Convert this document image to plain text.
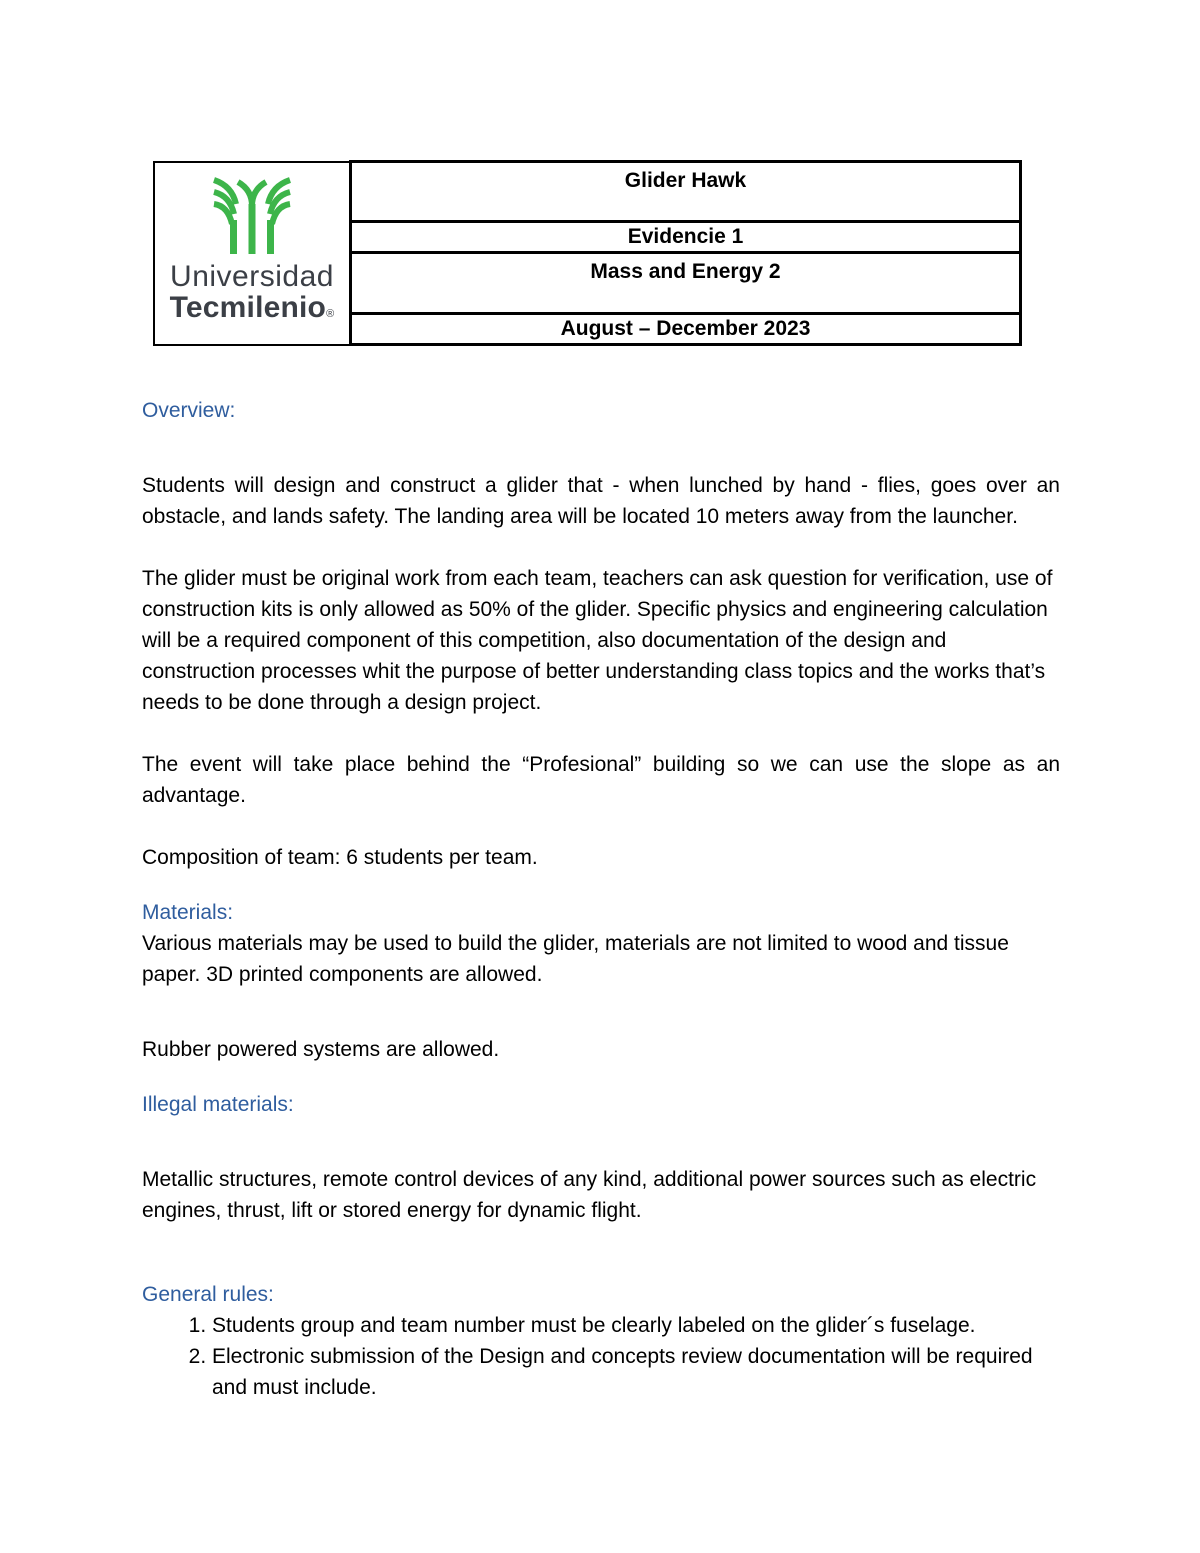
Universidad
Tecmilenio®
	Glider Hawk
Evidencie 1
Mass and Energy 2
August – December 2023

Overview:

Students will design and construct a glider that - when lunched by hand - flies, goes over an obstacle, and lands safety. The landing area will be located 10 meters away from the launcher.

The glider must be original work from each team, teachers can ask question for verification, use of construction kits is only allowed as 50% of the glider. Specific physics and engineering calculation will be a required component of this competition, also documentation of the design and construction processes whit the purpose of better understanding class topics and the works that’s needs to be done through a design project.

The event will take place behind the “Profesional” building so we can use the slope as an advantage.

Composition of team: 6 students per team.

Materials:

Various materials may be used to build the glider, materials are not limited to wood and tissue paper. 3D printed components are allowed.

Rubber powered systems are allowed.

Illegal materials:

Metallic structures, remote control devices of any kind, additional power sources such as electric engines, thrust, lift or stored energy for dynamic flight.

General rules:

1. Students group and team number must be clearly labeled on the glider´s fuselage.
2. Electronic submission of the Design and concepts review documentation will be required and must include.
